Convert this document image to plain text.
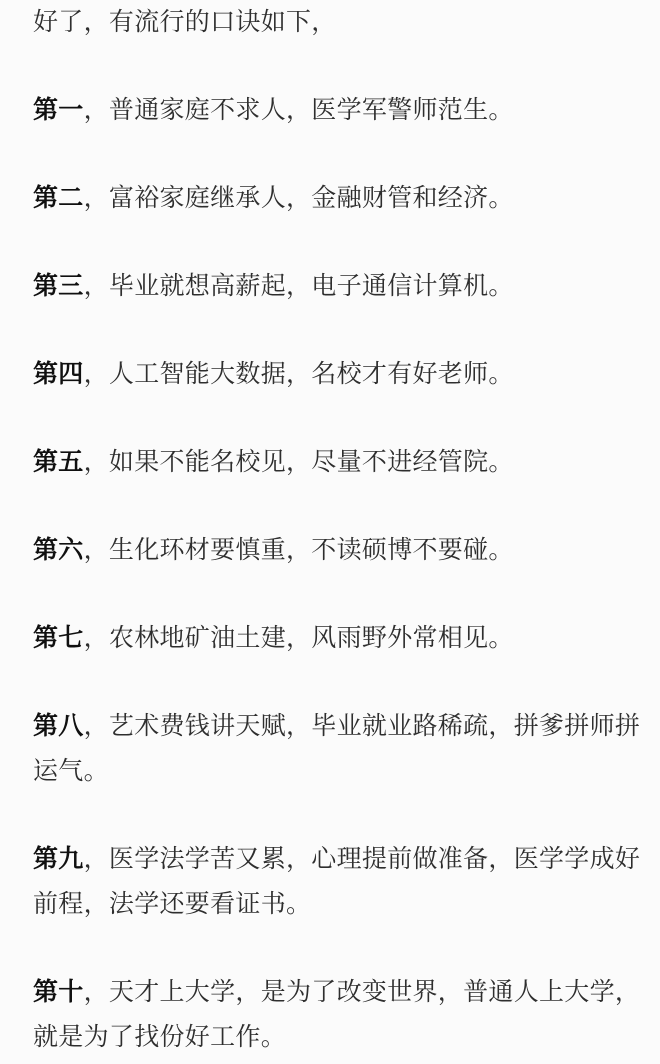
好了，有流行的口诀如下，

第一，普通家庭不求人，医学军警师范生。

第二，富裕家庭继承人，金融财管和经济。

第三，毕业就想高薪起，电子通信计算机。

第四，人工智能大数据，名校才有好老师。

第五，如果不能名校见，尽量不进经管院。

第六，生化环材要慎重，不读硕博不要碰。

第七，农林地矿油土建，风雨野外常相见。

第八，艺术费钱讲天赋，毕业就业路稀疏，拼爹拼师拼运气。

第九，医学法学苦又累，心理提前做准备，医学学成好前程，法学还要看证书。

第十，天才上大学，是为了改变世界，普通人上大学，就是为了找份好工作。
